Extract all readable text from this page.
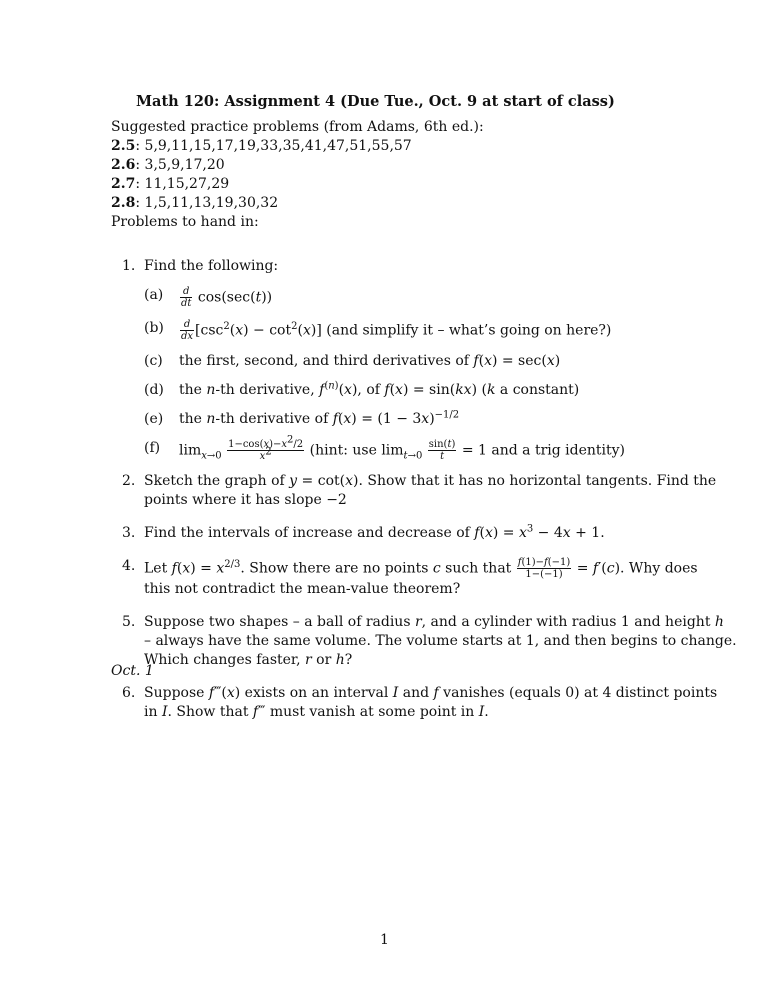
Math 120: Assignment 4 (Due Tue., Oct. 9 at start of class)
Suggested practice problems (from Adams, 6th ed.):
2.5: 5,9,11,15,17,19,33,35,41,47,51,55,57
2.6: 3,5,9,17,20
2.7: 11,15,27,29
2.8: 1,5,11,13,19,30,32
Problems to hand in:
1. Find the following:
$(a) \frac{d}{dt} \cos(\sec(t))$
$(b) \frac{d}{dx} [\csc^2(x) - \cot^2(x)]$ (and simplify it – what’s going on here?)
(c) the first, second, and third derivatives of f(x) = sec(x)
(d) the n-th derivative, $f^{(n)}(x)$, of f(x) = sin(kx) (k a constant)
(e) the n-th derivative of $f(x) = (1 - 3x)^{-1/2}$
(f) $\lim_{x\to 0} \frac{1-\cos(x)-x^2/2}{x^2}$ (hint: use $\lim_{t\to 0} \frac{\sin(t)}{t} = 1$ and a trig identity)
2. Sketch the graph of y = cot(x). Show that it has no horizontal tangents. Find the
points where it has slope −2
3. Find the intervals of increase and decrease of $f(x) = x^3 - 4x + 1$.
4. Let $f(x) = x^{2/3}$. Show there are no points c such that $\frac{f(1)-f(-1)}{1-(-1)} = f'(c)$. Why does
this not contradict the mean-value theorem?
5. Suppose two shapes – a ball of radius r, and a cylinder with radius 1 and height h
– always have the same volume. The volume starts at 1, and then begins to change.
Which changes faster, r or h?
6. Suppose f‴(x) exists on an interval I and f vanishes (equals 0) at 4 distinct points
in I. Show that f‴ must vanish at some point in I.
Oct. 1
1
